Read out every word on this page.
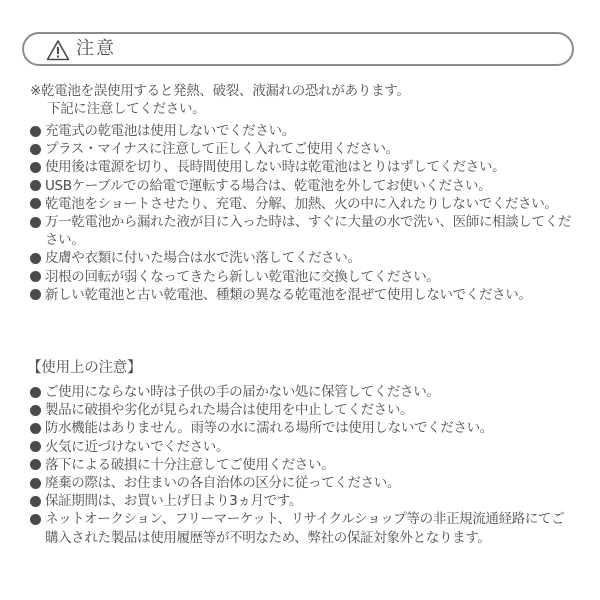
注意
※乾電池を誤使用すると発熱、破裂、液漏れの恐れがあります。
下記に注意してください。
充電式の乾電池は使用しないでください。
プラス・マイナスに注意して正しく入れてご使用ください。
使用後は電源を切り、長時間使用しない時は乾電池はとりはずしてください。
USBケーブルでの給電で運転する場合は、乾電池を外してお使いください。
乾電池をショートさせたり、充電、分解、加熱、火の中に入れたりしないでください。
万一乾電池から漏れた液が目に入った時は、すぐに大量の水で洗い、医師に相談してください。
皮膚や衣類に付いた場合は水で洗い落してください。
羽根の回転が弱くなってきたら新しい乾電池に交換してください。
新しい乾電池と古い乾電池、種類の異なる乾電池を混ぜて使用しないでください。
【使用上の注意】
ご使用にならない時は子供の手の届かない処に保管してください。
製品に破損や劣化が見られた場合は使用を中止してください。
防水機能はありません。雨等の水に濡れる場所では使用しないでください。
火気に近づけないでください。
落下による破損に十分注意してご使用ください。
廃棄の際は、お住まいの各自治体の区分に従ってください。
保証期間は、お買い上げ日より3ヵ月です。
ネットオークション、フリーマーケット、リサイクルショップ等の非正規流通経路にてご購入された製品は使用履歴等が不明なため、弊社の保証対象外となります。
